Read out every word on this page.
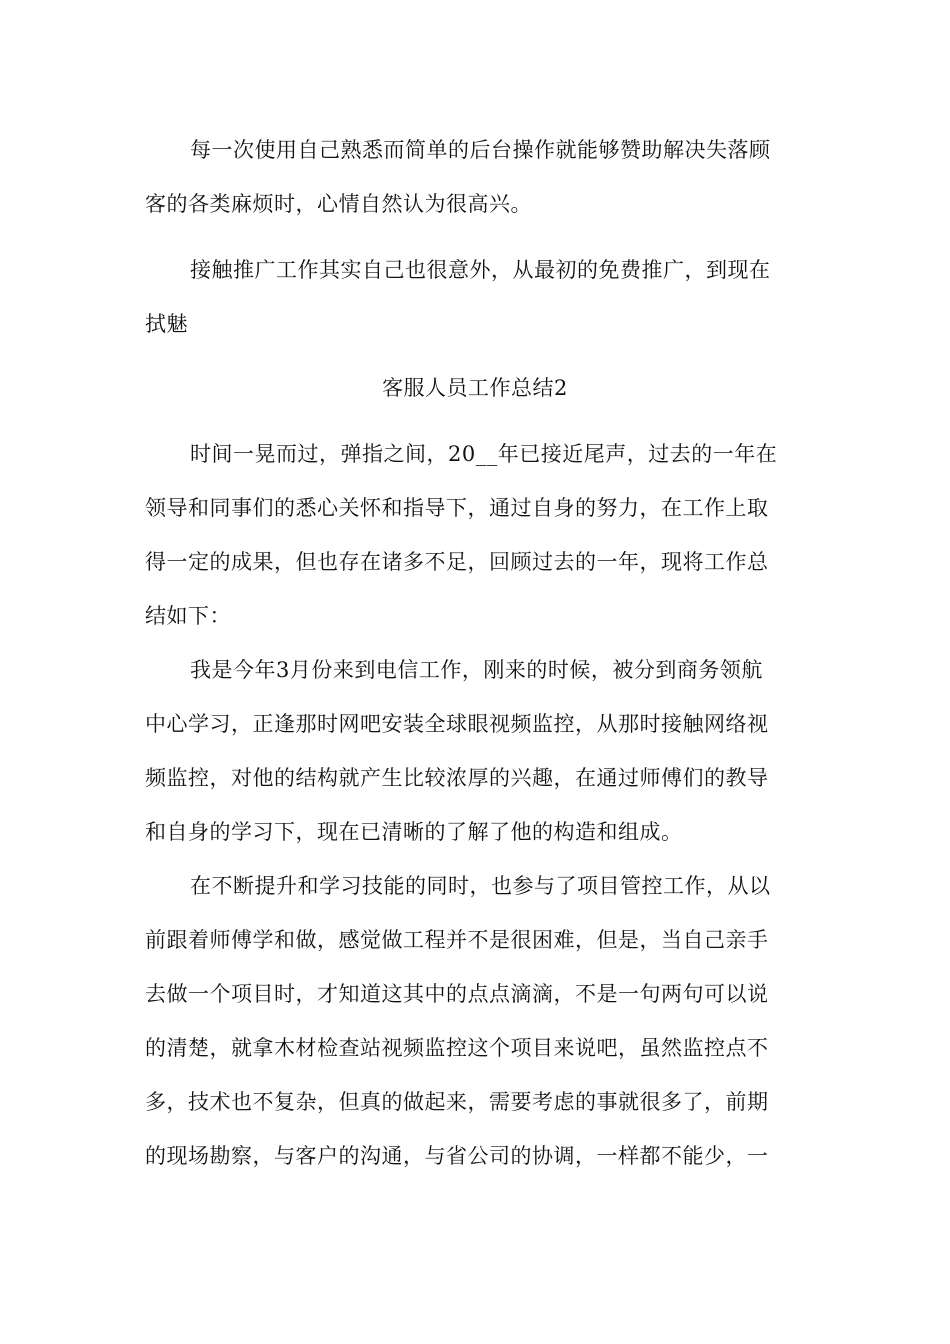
每一次使用自己熟悉而简单的后台操作就能够赞助解决失落顾
客的各类麻烦时，心情自然认为很高兴。
接触推广工作其实自己也很意外，从最初的免费推广，到现在
拭魅
客服人员工作总结2
时间一晃而过，弹指之间，20__年已接近尾声，过去的一年在
领导和同事们的悉心关怀和指导下，通过自身的努力，在工作上取
得一定的成果，但也存在诸多不足，回顾过去的一年，现将工作总
结如下：
我是今年3月份来到电信工作，刚来的时候，被分到商务领航
中心学习，正逢那时网吧安装全球眼视频监控，从那时接触网络视
频监控，对他的结构就产生比较浓厚的兴趣，在通过师傅们的教导
和自身的学习下，现在已清晰的了解了他的构造和组成。
在不断提升和学习技能的同时，也参与了项目管控工作，从以
前跟着师傅学和做，感觉做工程并不是很困难，但是，当自己亲手
去做一个项目时，才知道这其中的点点滴滴，不是一句两句可以说
的清楚，就拿木材检查站视频监控这个项目来说吧，虽然监控点不
多，技术也不复杂，但真的做起来，需要考虑的事就很多了，前期
的现场勘察，与客户的沟通，与省公司的协调，一样都不能少，一
